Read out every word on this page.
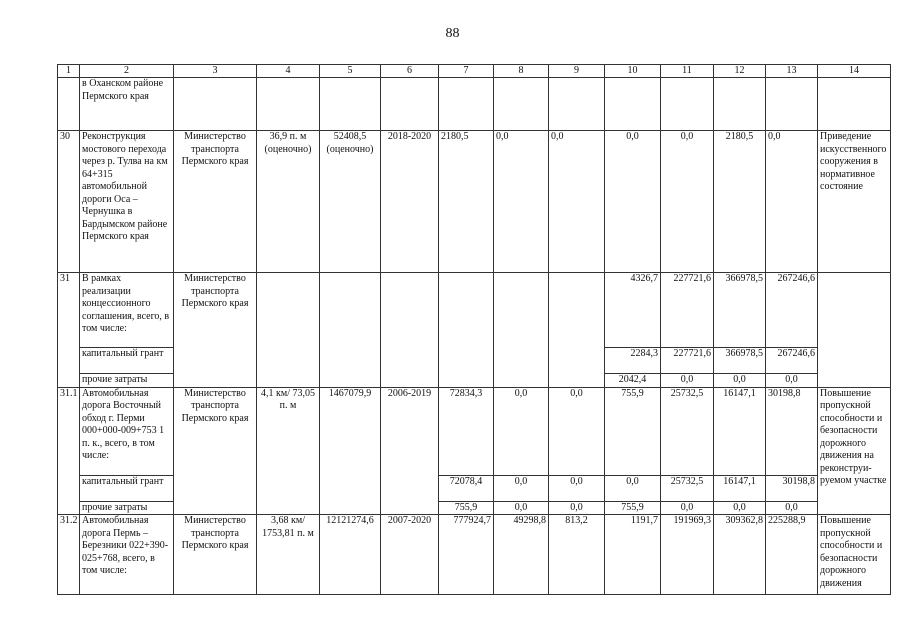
88
1	2	3	4	5	6	7	8	9	10	11	12	13	14
	в Оханском районе Пермского края												
30	Реконструкция мостового перехода через р. Тулва на км 64+315 автомобильной дороги Оса – Чернушка в Бардымском районе Пермского края	Министерство транспорта Пермского края	36,9 п. м (оценочно)	52408,5 (оценочно)	2018-2020	2180,5	0,0	0,0	0,0	0,0	2180,5	0,0	Приведение искусственного сооружения в нормативное состояние
31	В рамках реализации концессионного соглашения, всего, в том числе:	Министерство транспорта Пермского края							4326,7	227721,6	366978,5	267246,6	
	капитальный грант								2284,3	227721,6	366978,5	267246,6	
	прочие затраты								2042,4	0,0	0,0	0,0	
31.1	Автомобильная дорога Восточный обход г. Перми 000+000-009+753 1 п. к., всего, в том числе:	Министерство транспорта Пермского края	4,1 км/ 73,05 п. м	1467079,9	2006-2019	72834,3	0,0	0,0	755,9	25732,5	16147,1	30198,8	Повышение пропускной способности и безопасности дорожного движения на реконструи- руемом участке
	капитальный грант					72078,4	0,0	0,0	0,0	25732,5	16147,1	30198,8	
	прочие затраты					755,9	0,0	0,0	755,9	0,0	0,0	0,0	
31.2	Автомобильная дорога Пермь – Березники 022+390- 025+768, всего, в том числе:	Министерство транспорта Пермского края	3,68 км/ 1753,81 п. м	12121274,6	2007-2020	777924,7	49298,8	813,2	1191,7	191969,3	309362,8	225288,9	Повышение пропускной способности и безопасности дорожного движения
